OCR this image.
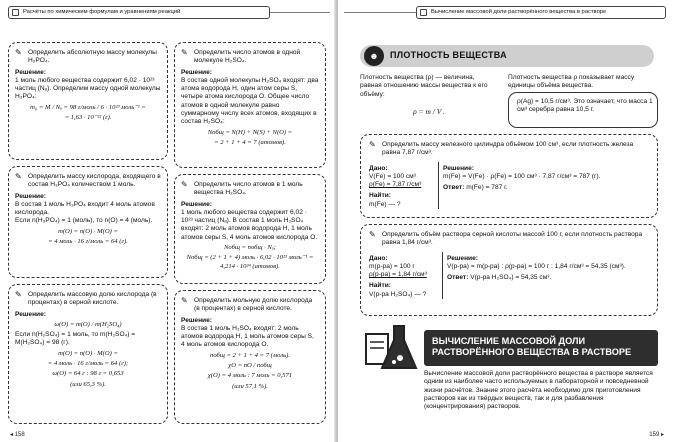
Расчёты по химическим формулам и уравнениям реакций

✎ Определить абсолютную массу молекулы H₂PO₄.

Решение:

1 моль любого вещества содержит 6,02 · 10²³ частиц (Nₐ). Определим массу одной молекулы H₃PO₄:

m₀ = M / Nₐ = 98 г/моль / 6 · 10²³ моль⁻¹ =

= 1,63 · 10⁻²² (г).

✎ Определить массу кислорода, входящего в состав H₃PO₄ количеством 1 моль.

Решение:

В состав 1 моль H₃PO₄ входит 4 моль атомов кислорода.

Если n(H₃PO₄) = 1 (моль), то n(O) = 4 (моль).

m(O) = n(O) · M(O) =

= 4 моль · 16 г/моль = 64 (г).

✎ Определить массовую долю кислорода (в процентах) в серной кислоте.

Решение:

ω(O) = m(O) / m(H₂SO₄)

Если n(H₂SO₄) = 1 моль, то m(H₂SO₄) = M(H₂SO₄) = 98 (г).

m(O) = n(O) · M(O) =

= 4 моль · 16 г/моль = 64 (г);

ω(O) = 64 г : 98 г = 0,653

(или 65,3 %).

✎ Определить число атомов в одной молекуле H₂SO₄.

Решение:

В состав одной молекулы H₂SO₄ входят: два атома водорода H, один атом серы S, четыре атома кислорода O. Общее число атомов в одной молекуле равно суммарному числу всех атомов, входящих в состав H₂SO₄:

Nобщ = N(H) + N(S) + N(O) =

= 2 + 1 + 4 = 7 (атомов).

✎ Определить число атомов в 1 моль вещества H₂SO₄.

Решение:

1 моль любого вещества содержит 6,02 · 10²³ частиц (Nₐ). В состав 1 моль H₂SO₄ входят: 2 моль атомов водорода H, 1 моль атомов серы S, 4 моль атомов кислорода O.

Nобщ = nобщ · Nₐ;

Nобщ = (2 + 1 + 4) моль · 6,02 · 10²³ моль⁻¹ = 4,214 · 10²⁴ (атомов).

✎ Определить мольную долю кислорода (в процентах) в серной кислоте.

Решение:

В состав 1 моль H₂SO₄ входят: 2 моль атомов водорода H, 1 моль атомов серы S, 4 моль атомов кислорода O.

nобщ = 2 + 1 + 4 = 7 (моль).

χO = nO / nобщ

χ(O) = 4 моль : 7 моль = 0,571

(или 57,1 %).

◂ 158
Вычисление массовой доли растворённого вещества в растворе
159 ▸
☻	ПЛОТНОСТЬ ВЕЩЕСТВА
Плотность вещества (ρ) — величина, равная отношению массы вещества к его объёму:
ρ = m / V .
Плотность вещества ρ показывает массу единицы объёма вещества.

ρ(Ag) = 10,5 г/см³. Это означает, что масса 1 см³ серебра равна 10,5 г.

✎ Определить массу железного цилиндра объёмом 100 см³, если плотность железа равна 7,87 г/см³.

Дано:

V(Fe) = 100 см³

ρ(Fe) = 7,87 г/см³

Найти:

m(Fe) — ?

Решение:

m(Fe) = V(Fe) · ρ(Fe) = 100 см³ · 7,87 г/см³ = 787 (г).

Ответ: m(Fe) = 787 г.

✎ Определить объём раствора серной кислоты массой 100 г, если плотность раствора равна 1,84 г/см³.

Дано:

m(р-ра) = 100 г

ρ(р-ра) = 1,84 г/см³

Найти:

V(р-ра H₂SO₄) — ?

Решение:

V(р-ра) = m(р-ра) : ρ(р-ра) = 100 г : 1,84 г/см³ = 54,35 (см³).

Ответ: V(р-ра H₂SO₄) = 54,35 см³.

ВЫЧИСЛЕНИЕ МАССОВОЙ ДОЛИ РАСТВОРЁННОГО ВЕЩЕСТВА В РАСТВОРЕ
Вычисление массовой доли растворённого вещества в растворе является одним из наиболее часто используемых в лабораторной и повседневной жизни расчётов. Знание этого расчёта необходимо для приготовления растворов как из твёрдых веществ, так и для разбавления (концентрирования) растворов.
